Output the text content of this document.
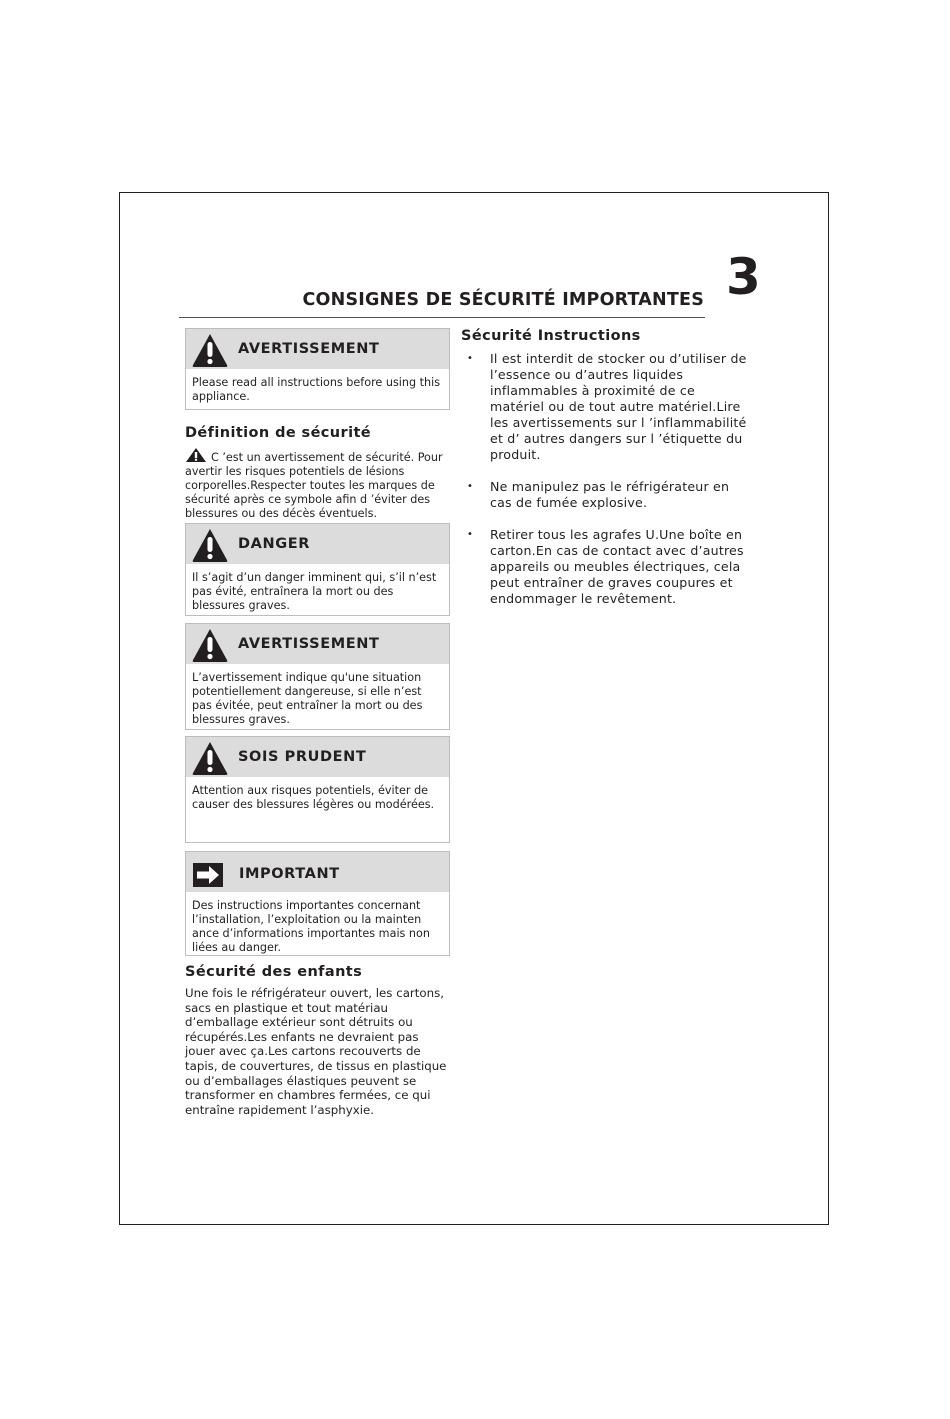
3
CONSIGNES DE SÉCURITÉ IMPORTANTES
AVERTISSEMENT
Please read all instructions before using this appliance.
Définition de sécurité
C ’est un avertissement de sécurité. Pour avertir les risques potentiels de lésions corporelles.Respecter toutes les marques de sécurité après ce symbole afin d ’éviter des blessures ou des décès éventuels.
DANGER
Il s’agit d’un danger imminent qui, s’il n’est pas évité, entraînera la mort ou des blessures graves.
AVERTISSEMENT
L’avertissement indique qu'une situation potentiellement dangereuse, si elle n’est pas évitée, peut entraîner la mort ou des blessures graves.
SOIS PRUDENT
Attention aux risques potentiels, éviter de causer des blessures légères ou modérées.
IMPORTANT
Des instructions importantes concernant l’installation, l’exploitation ou la mainten ance d’informations importantes mais non liées au danger.
Sécurité des enfants
Une fois le réfrigérateur ouvert, les cartons, sacs en plastique et tout matériau d’emballage extérieur sont détruits ou récupérés.Les enfants ne devraient pas jouer avec ça.Les cartons recouverts de tapis, de couvertures, de tissus en plastique ou d’emballages élastiques peuvent se transformer en chambres fermées, ce qui entraîne rapidement l’asphyxie.
Sécurité Instructions
• Il est interdit de stocker ou d’utiliser de l’essence ou d’autres liquides inflammables à proximité de ce matériel ou de tout autre matériel.Lire les avertissements sur l ’inflammabilité et d’ autres dangers sur l ’étiquette du produit.
• Ne manipulez pas le réfrigérateur en cas de fumée explosive.
• Retirer tous les agrafes U.Une boîte en carton.En cas de contact avec d’autres appareils ou meubles électriques, cela peut entraîner de graves coupures et endommager le revêtement.
